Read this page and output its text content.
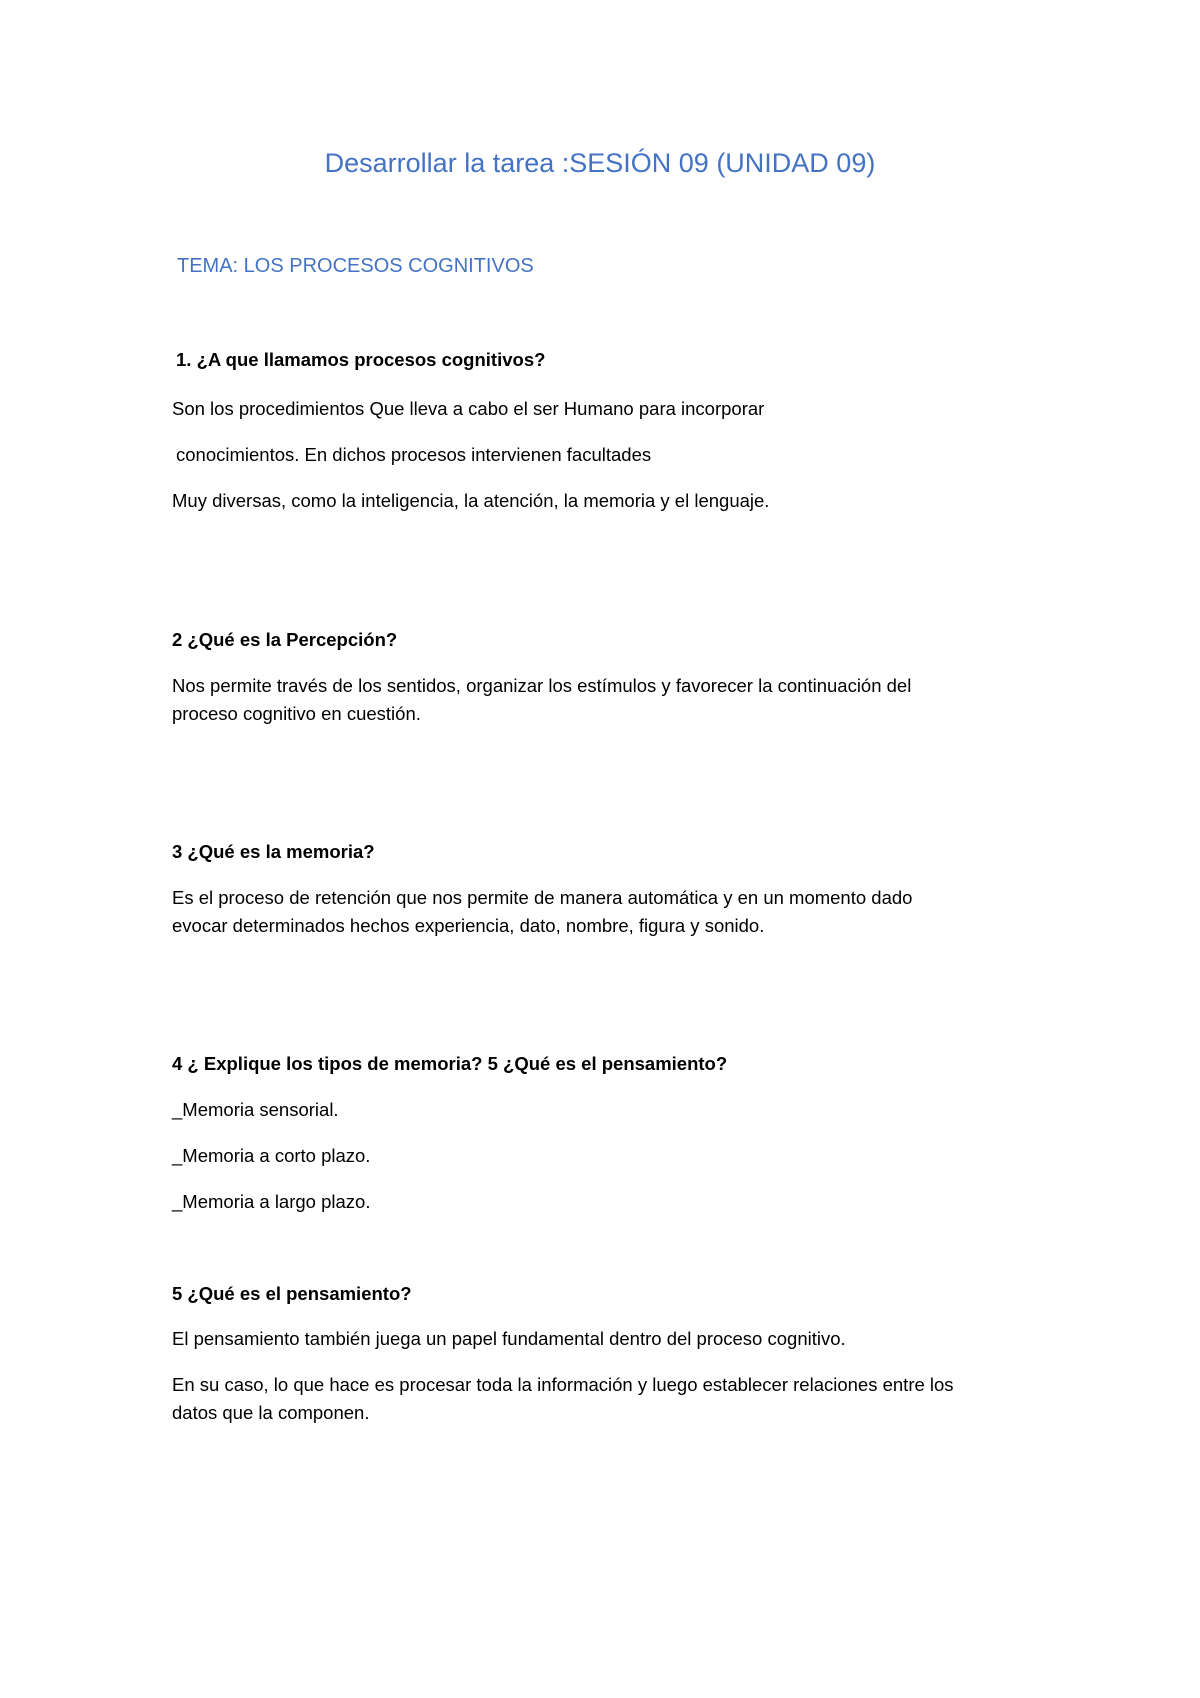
Desarrollar la tarea :SESIÓN 09 (UNIDAD 09)
TEMA: LOS PROCESOS COGNITIVOS

1. ¿A que llamamos procesos cognitivos?

Son los procedimientos Que lleva a cabo el ser Humano para incorporar

conocimientos. En dichos procesos intervienen facultades

Muy diversas, como la inteligencia, la atención, la memoria y el lenguaje.

2 ¿Qué es la Percepción?

Nos permite través de los sentidos, organizar los estímulos y favorecer la continuación del

proceso cognitivo en cuestión.

3 ¿Qué es la memoria?

Es el proceso de retención que nos permite de manera automática y en un momento dado

evocar determinados hechos experiencia, dato, nombre, figura y sonido.

4 ¿ Explique los tipos de memoria? 5 ¿Qué es el pensamiento?

_Memoria sensorial.

_Memoria a corto plazo.

_Memoria a largo plazo.

5 ¿Qué es el pensamiento?

El pensamiento también juega un papel fundamental dentro del proceso cognitivo.

En su caso, lo que hace es procesar toda la información y luego establecer relaciones entre los

datos que la componen.
